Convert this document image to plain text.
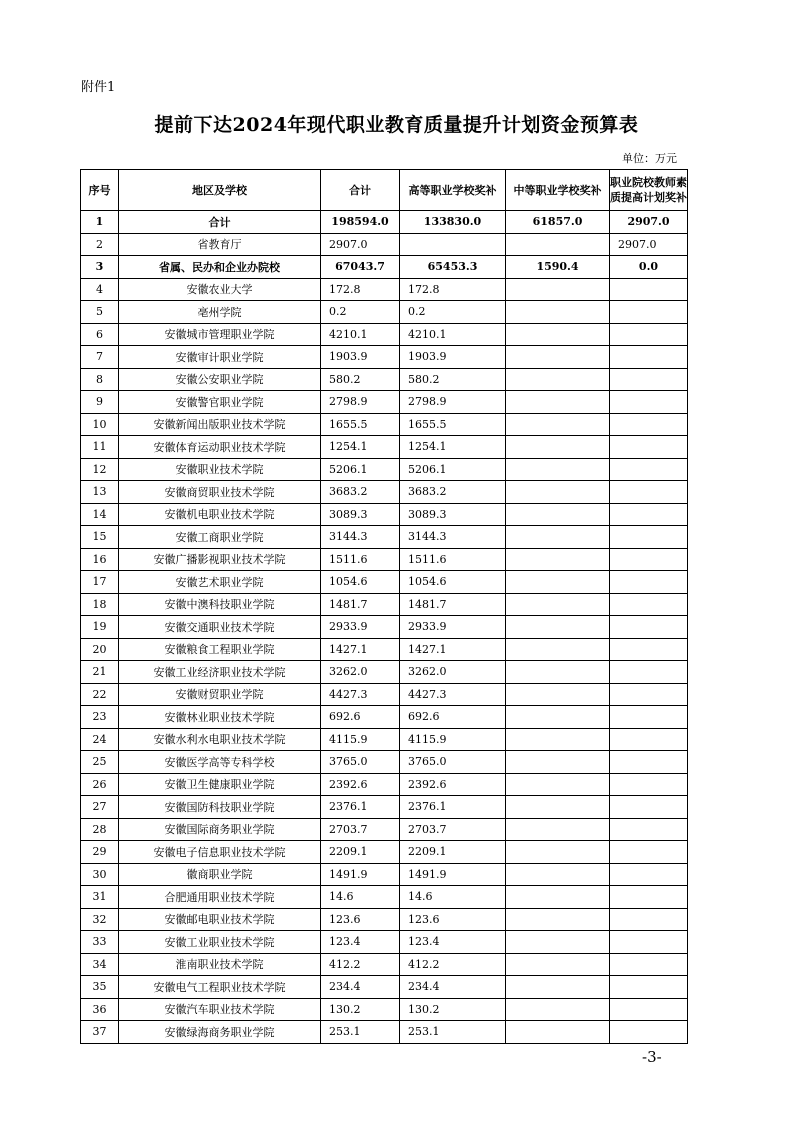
附件1
提前下达2024年现代职业教育质量提升计划资金预算表
单位：万元
序号	地区及学校	合计	高等职业学校奖补	中等职业学校奖补	职业院校教师素质提高计划奖补
1	合计	198594.0	133830.0	61857.0	2907.0
2	省教育厅	2907.0			2907.0
3	省属、民办和企业办院校	67043.7	65453.3	1590.4	0.0
4	安徽农业大学	172.8	172.8		
5	亳州学院	0.2	0.2		
6	安徽城市管理职业学院	4210.1	4210.1		
7	安徽审计职业学院	1903.9	1903.9		
8	安徽公安职业学院	580.2	580.2		
9	安徽警官职业学院	2798.9	2798.9		
10	安徽新闻出版职业技术学院	1655.5	1655.5		
11	安徽体育运动职业技术学院	1254.1	1254.1		
12	安徽职业技术学院	5206.1	5206.1		
13	安徽商贸职业技术学院	3683.2	3683.2		
14	安徽机电职业技术学院	3089.3	3089.3		
15	安徽工商职业学院	3144.3	3144.3		
16	安徽广播影视职业技术学院	1511.6	1511.6		
17	安徽艺术职业学院	1054.6	1054.6		
18	安徽中澳科技职业学院	1481.7	1481.7		
19	安徽交通职业技术学院	2933.9	2933.9		
20	安徽粮食工程职业学院	1427.1	1427.1		
21	安徽工业经济职业技术学院	3262.0	3262.0		
22	安徽财贸职业学院	4427.3	4427.3		
23	安徽林业职业技术学院	692.6	692.6		
24	安徽水利水电职业技术学院	4115.9	4115.9		
25	安徽医学高等专科学校	3765.0	3765.0		
26	安徽卫生健康职业学院	2392.6	2392.6		
27	安徽国防科技职业学院	2376.1	2376.1		
28	安徽国际商务职业学院	2703.7	2703.7		
29	安徽电子信息职业技术学院	2209.1	2209.1		
30	徽商职业学院	1491.9	1491.9		
31	合肥通用职业技术学院	14.6	14.6		
32	安徽邮电职业技术学院	123.6	123.6		
33	安徽工业职业技术学院	123.4	123.4		
34	淮南职业技术学院	412.2	412.2		
35	安徽电气工程职业技术学院	234.4	234.4		
36	安徽汽车职业技术学院	130.2	130.2		
37	安徽绿海商务职业学院	253.1	253.1		
-3-
